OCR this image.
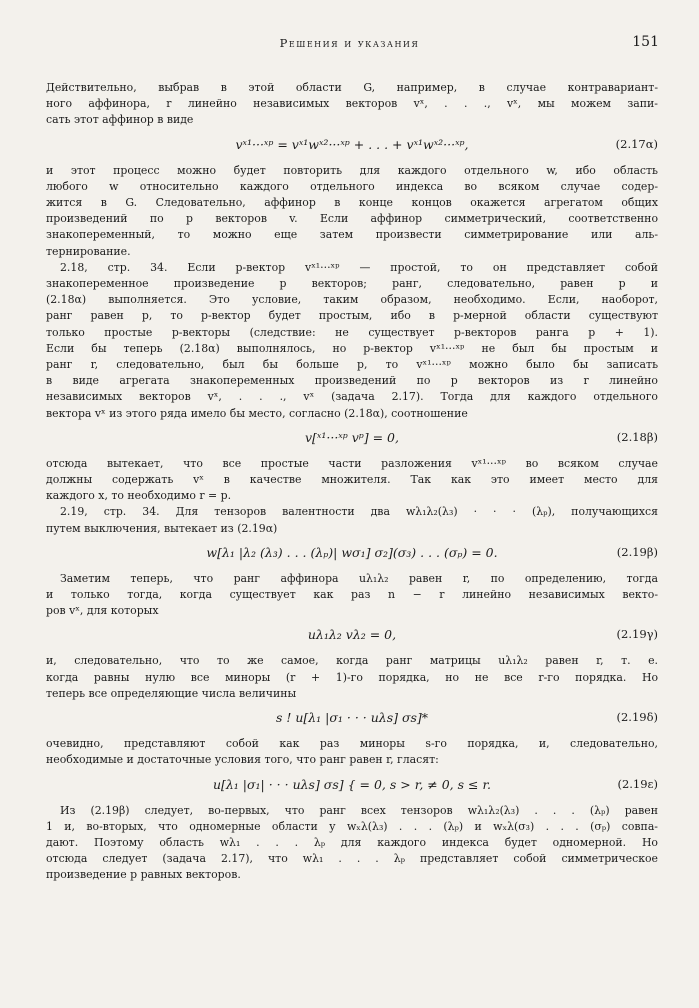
Решения и указания	151
Действительно, выбрав в этой области G, например, в случае контравариант-
ного аффинора, r линейно независимых векторов vˣ, . . ., vˣ, мы можем запи-
сать этот аффинор в виде
vˣ¹···ˣᵖ = vˣ¹wˣ²···ˣᵖ + . . . + vˣ¹wˣ²···ˣᵖ,	(2.17α)
и этот процесс можно будет повторить для каждого отдельного w, ибо область
любого w относительно каждого отдельного индекса во всяком случае содер-
жится в G. Следовательно, аффинор в конце концов окажется агрегатом общих
произведений по p векторов v. Если аффинор симметрический, соответственно
знакопеременный, то можно еще затем произвести симметрирование или аль-
тернирование.
2.18, стр. 34. Если p-вектор vˣ¹···ˣᵖ — простой, то он представляет собой
знакопеременное произведение p векторов; ранг, следовательно, равен p и
(2.18α) выполняется. Это условие, таким образом, необходимо. Если, наоборот,
ранг равен p, то p-вектор будет простым, ибо в p-мерной области существуют
только простые p-векторы (следствие: не существует p-векторов ранга p + 1).
Если бы теперь (2.18α) выполнялось, но p-вектор vˣ¹···ˣᵖ не был бы простым и
ранг r, следовательно, был бы больше p, то vˣ¹···ˣᵖ можно было бы записать
в виде агрегата знакопеременных произведений по p векторов из r линейно
независимых векторов vˣ, . . ., vˣ (задача 2.17). Тогда для каждого отдельного
вектора vˣ из этого ряда имело бы место, согласно (2.18α), соотношение
v[ˣ¹···ˣᵖ vᵖ] = 0,	(2.18β)
отсюда вытекает, что все простые части разложения vˣ¹···ˣᵖ во всяком случае
должны содержать vˣ в качестве множителя. Так как это имеет место для
каждого x, то необходимо r = p.
2.19, стр. 34. Для тензоров валентности два wλ₁λ₂(λ₃) · · · (λₚ), получающихся
путем выключения, вытекает из (2.19α)
w[λ₁ |λ₂ (λ₃) . . . (λₚ)| wσ₁] σ₂](σ₃) . . . (σₚ) = 0.	(2.19β)
Заметим теперь, что ранг аффинора uλ₁λ₂ равен r, по определению, тогда
и только тогда, когда существует как раз n − r линейно независимых векто-
ров vˣ, для которых
uλ₁λ₂ vλ₂ = 0,	(2.19γ)
и, следовательно, что то же самое, когда ранг матрицы uλ₁λ₂ равен r, т. е.
когда равны нулю все миноры (r + 1)-го порядка, но не все r-го порядка. Но
теперь все определяющие числа величины
s ! u[λ₁ |σ₁ · · · uλs] σs]*	(2.19δ)
очевидно, представляют собой как раз миноры s-го порядка, и, следовательно,
необходимые и достаточные условия того, что ранг равен r, гласят:
u[λ₁ |σ₁| · · · uλs] σs] { = 0, s > r, ≠ 0, s ≤ r.	(2.19ε)
Из (2.19β) следует, во-первых, что ранг всех тензоров wλ₁λ₂(λ₃) . . . (λₚ) равен
1 и, во-вторых, что одномерные области у wₓλ(λ₃) . . . (λₚ) и wₓλ(σ₃) . . . (σₚ) совпа-
дают. Поэтому область wλ₁ . . . λₚ для каждого индекса будет одномерной. Но
отсюда следует (задача 2.17), что wλ₁ . . . λₚ представляет собой симметрическое
произведение p равных векторов.
